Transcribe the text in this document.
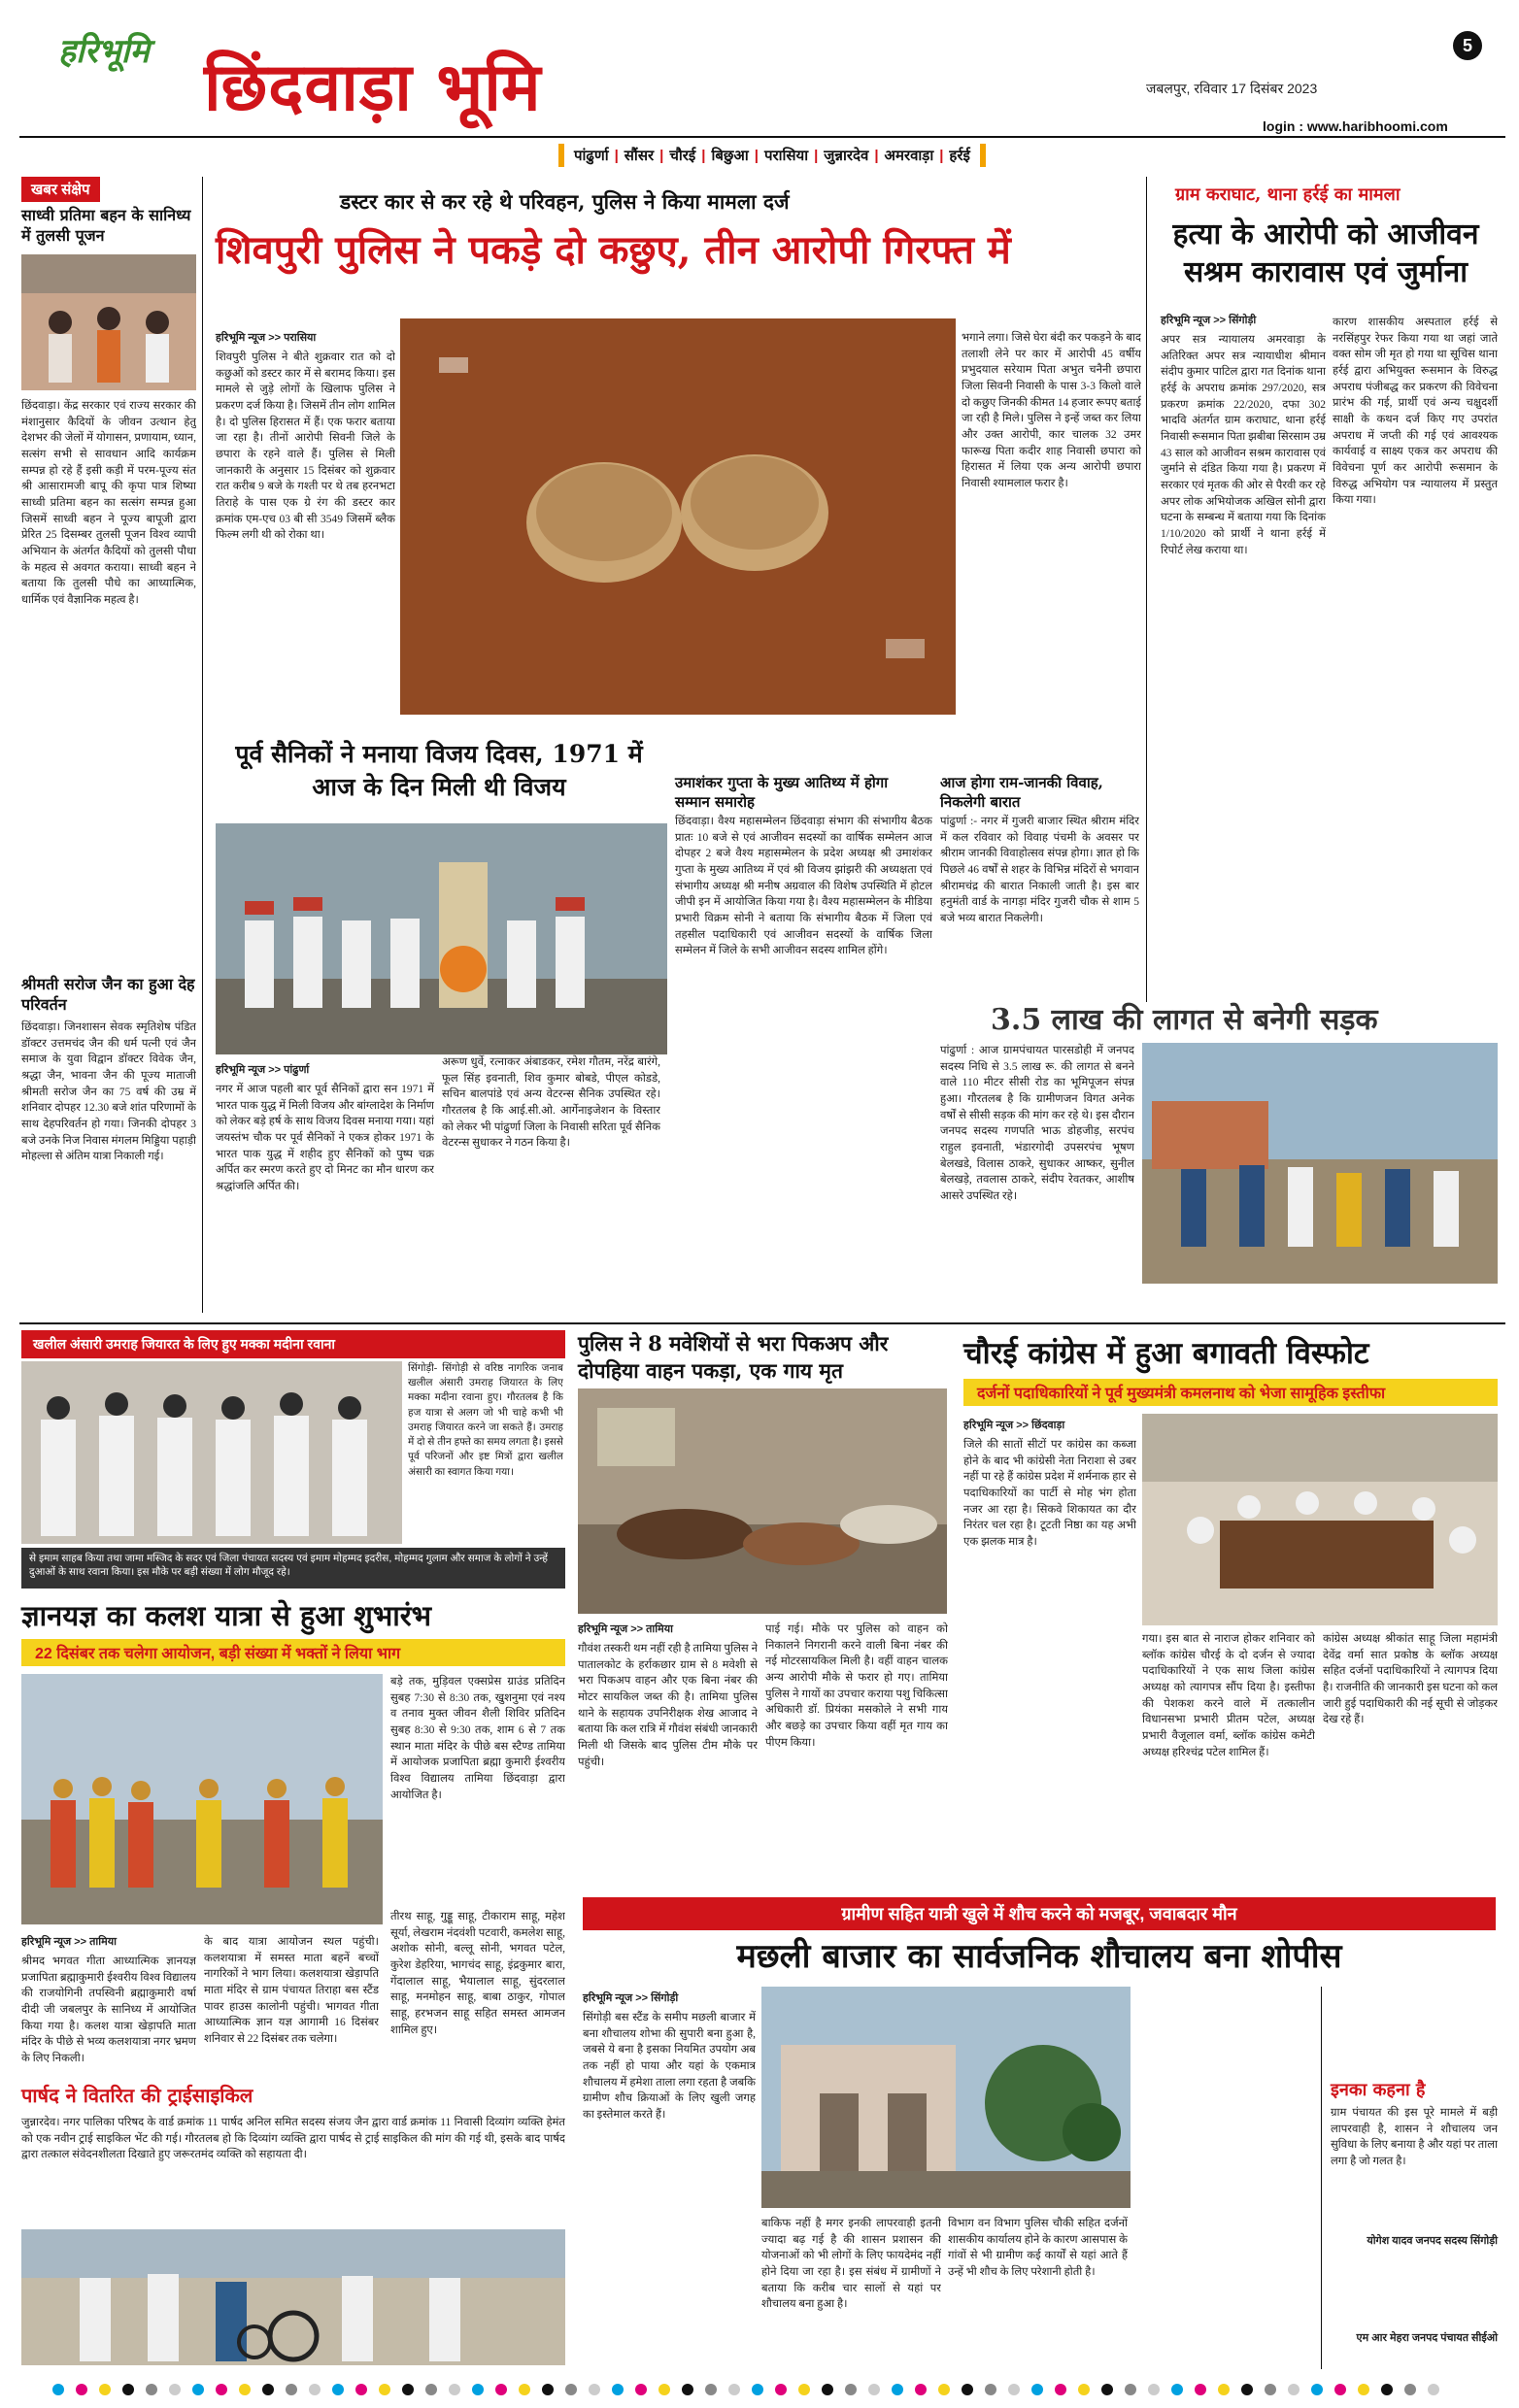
हरिभूमि छिंदवाड़ा भूमि
5
जबलपुर, रविवार 17 दिसंबर 2023
login : www.haribhoomi.com
पांढुर्णा | सौंसर | चौरई | बिछुआ | परासिया | जुन्नारदेव | अमरवाड़ा | हर्रई
खबर संक्षेप
साध्वी प्रतिमा बहन के सानिध्य में तुलसी पूजन
छिंदवाड़ा। केंद्र सरकार एवं राज्य सरकार की मंशानुसार कैदियों के जीवन उत्थान हेतु देशभर की जेलों में योगासन, प्रणायाम, ध्यान, सत्संग सभी से सावधान आदि कार्यक्रम सम्पन्न हो रहे हैं इसी कड़ी में परम-पूज्य संत श्री आसारामजी बापू की कृपा पात्र शिष्या साध्वी प्रतिमा बहन का सत्संग सम्पन्न हुआ जिसमें साध्वी बहन ने पूज्य बापूजी द्वारा प्रेरित 25 दिसम्बर तुलसी पूजन विश्व व्यापी अभियान के अंतर्गत कैदियों को तुलसी पौधा के महत्व से अवगत कराया। साध्वी बहन ने बताया कि तुलसी पौधे का आध्यात्मिक, धार्मिक एवं वैज्ञानिक महत्व है।
श्रीमती सरोज जैन का हुआ देह परिवर्तन
छिंदवाड़ा। जिनशासन सेवक स्मृतिशेष पंडित डॉक्टर उत्तमचंद जैन की धर्म पत्नी एवं जैन समाज के युवा विद्वान डॉक्टर विवेक जैन, श्रद्धा जैन, भावना जैन की पूज्य माताजी श्रीमती सरोज जैन का 75 वर्ष की उम्र में शनिवार दोपहर 12.30 बजे शांत परिणामों के साथ देहपरिवर्तन हो गया। जिनकी दोपहर 3 बजे उनके निज निवास मंगलम मिड्डिया पहाड़ी मोहल्ला से अंतिम यात्रा निकाली गई।
डस्टर कार से कर रहे थे परिवहन, पुलिस ने किया मामला दर्ज
शिवपुरी पुलिस ने पकड़े दो कछुए, तीन आरोपी गिरफ्त में
हरिभूमि न्यूज >> परासिया
शिवपुरी पुलिस ने बीते शुक्रवार रात को दो कछुओं को डस्टर कार में से बरामद किया। इस मामले से जुड़े लोगों के खिलाफ पुलिस ने प्रकरण दर्ज किया है। जिसमें तीन लोग शामिल है। दो पुलिस हिरासत में हैं। एक फरार बताया जा रहा है। तीनों आरोपी सिवनी जिले के छपारा के रहने वाले हैं। पुलिस से मिली जानकारी के अनुसार 15 दिसंबर को शुक्रवार रात करीब 9 बजे के गश्ती पर थे तब हरनभटा तिराहे के पास एक ग्रे रंग की डस्टर कार क्रमांक एम-एच 03 बी सी 3549 जिसमें ब्लैक फिल्म लगी थी को रोका था।
भगाने लगा। जिसे घेरा बंदी कर पकड़ने के बाद तलाशी लेने पर कार में आरोपी 45 वर्षीय प्रभुदयाल सरेयाम पिता अभुत चनैनी छपारा जिला सिवनी निवासी के पास 3-3 किलो वाले दो कछुए जिनकी कीमत 14 हजार रूपए बताई जा रही है मिले। पुलिस ने इन्हें जब्त कर लिया और उक्त आरोपी, कार चालक 32 उमर फारूख पिता कदीर शाह निवासी छपारा को हिरासत में लिया एक अन्य आरोपी छपारा निवासी श्यामलाल फरार है।
ग्राम कराघाट, थाना हर्रई का मामला
हत्या के आरोपी को आजीवन सश्रम कारावास एवं जुर्माना
हरिभूमि न्यूज >> सिंगोड़ी
अपर सत्र न्यायालय अमरवाड़ा के अतिरिक्त अपर सत्र न्यायाधीश श्रीमान संदीप कुमार पाटिल द्वारा गत दिनांक थाना हर्रई के अपराध क्रमांक 297/2020, सत्र प्रकरण क्रमांक 22/2020, दफा 302 भादवि अंतर्गत ग्राम कराघाट, थाना हर्रई निवासी रूसमान पिता झबीबा सिरसाम उम्र 43 साल को आजीवन सश्रम कारावास एवं जुर्माने से दंडित किया गया है। प्रकरण में सरकार एवं मृतक की ओर से पैरवी कर रहे अपर लोक अभियोजक अखिल सोनी द्वारा घटना के सम्बन्ध में बताया गया कि दिनांक 1/10/2020 को प्रार्थी ने थाना हर्रई में रिपोर्ट लेख कराया था।
कारण शासकीय अस्पताल हर्रई से नरसिंहपुर रेफर किया गया था जहां जाते वक्त सोम जी मृत हो गया था सूचिस थाना हर्रई द्वारा अभियुक्त रूसमान के विरुद्ध अपराध पंजीबद्ध कर प्रकरण की विवेचना प्रारंभ की गई, प्रार्थी एवं अन्य चक्षुदर्शी साक्षी के कथन दर्ज किए गए उपरांत अपराध में जप्ती की गई एवं आवश्यक कार्यवाई व साक्ष्य एकत्र कर अपराध की विवेचना पूर्ण कर आरोपी रूसमान के विरुद्ध अभियोग पत्र न्यायालय में प्रस्तुत किया गया।
पूर्व सैनिकों ने मनाया विजय दिवस, 1971 में आज के दिन मिली थी विजय
हरिभूमि न्यूज >> पांढुर्णा
नगर में आज पहली बार पूर्व सैनिकों द्वारा सन 1971 में भारत पाक युद्ध में मिली विजय और बांग्लादेश के निर्माण को लेकर बड़े हर्ष के साथ विजय दिवस मनाया गया। यहां जयस्तंभ चौक पर पूर्व सैनिकों ने एकत्र होकर 1971 के भारत पाक युद्ध में शहीद हुए सैनिकों को पुष्प चक्र अर्पित कर स्मरण करते हुए दो मिनट का मौन धारण कर श्रद्धांजलि अर्पित की।
अरूण धुर्वे, रत्नाकर अंबाडकर, रमेश गौतम, नरेंद्र बारंगे, फूल सिंह इवनाती, शिव कुमार बोबडे, पीएल कोडडे, सचिन बालपांडे एवं अन्य वेटरन्स सैनिक उपस्थित रहे। गौरतलब है कि आई.सी.ओ. आर्गेनाइजेशन के विस्तार को लेकर भी पांढुर्णा जिला के निवासी सरिता पूर्व सैनिक वेटरन्स सुधाकर ने गठन किया है।
उमाशंकर गुप्ता के मुख्य आतिथ्य में होगा सम्मान समारोह
छिंदवाड़ा। वैश्य महासम्मेलन छिंदवाड़ा संभाग की संभागीय बैठक प्रातः 10 बजे से एवं आजीवन सदस्यों का वार्षिक सम्मेलन आज दोपहर 2 बजे वैश्य महासम्मेलन के प्रदेश अध्यक्ष श्री उमाशंकर गुप्ता के मुख्य आतिथ्य में एवं श्री विजय झांझरी की अध्यक्षता एवं संभागीय अध्यक्ष श्री मनीष अग्रवाल की विशेष उपस्थिति में होटल जीपी इन में आयोजित किया गया है। वैश्य महासम्मेलन के मीडिया प्रभारी विक्रम सोनी ने बताया कि संभागीय बैठक में जिला एवं तहसील पदाधिकारी एवं आजीवन सदस्यों के वार्षिक जिला सम्मेलन में जिले के सभी आजीवन सदस्य शामिल होंगे।
आज होगा राम-जानकी विवाह, निकलेगी बारात
पांढुर्णा :- नगर में गुजरी बाजार स्थित श्रीराम मंदिर में कल रविवार को विवाह पंचमी के अवसर पर श्रीराम जानकी विवाहोत्सव संपन्न होगा। ज्ञात हो कि पिछले 46 वर्षों से शहर के विभिन्न मंदिरों से भगवान श्रीरामचंद्र की बारात निकाली जाती है। इस बार हनुमंती वार्ड के नागड़ा मंदिर गुजरी चौक से शाम 5 बजे भव्य बारात निकलेगी।
3.5 लाख की लागत से बनेगी सड़क
पांढुर्णा : आज ग्रामपंचायत पारसडोही में जनपद सदस्य निधि से 3.5 लाख रू. की लागत से बनने वाले 110 मीटर सीसी रोड का भूमिपूजन संपन्न हुआ। गौरतलब है कि ग्रामीणजन विगत अनेक वर्षों से सीसी सड़क की मांग कर रहे थे। इस दौरान जनपद सदस्य गणपति भाऊ डोहजीड़, सरपंच राहुल इवनाती, भंडारगोदी उपसरपंच भूषण बेलखडे, विलास ठाकरे, सुधाकर आष्कर, सुनील बेलखड़े, तवलास ठाकरे, संदीप रेवतकर, आशीष आसरे उपस्थित रहे।
खलील अंसारी उमराह जियारत के लिए हुए मक्का मदीना रवाना
सिंगोड़ी- सिंगोड़ी से वरिष्ठ नागरिक जनाब खलील अंसारी उमराह जियारत के लिए मक्का मदीना रवाना हुए। गौरतलब है कि हज यात्रा से अलग जो भी चाहे कभी भी उमराह जियारत करने जा सकते हैं। उमराह में दो से तीन हफ्ते का समय लगता है। इससे पूर्व परिजनों और इष्ट मित्रों द्वारा खलील अंसारी का स्वागत किया गया।
से इमाम साहब किया तथा जामा मस्जिद के सदर एवं जिला पंचायत सदस्य एवं इमाम मोहम्मद इदरीस, मोहम्मद गुलाम और समाज के लोगों ने उन्हें दुआओं के साथ रवाना किया। इस मौके पर बड़ी संख्या में लोग मौजूद रहे।
पुलिस ने 8 मवेशियों से भरा पिकअप और दोपहिया वाहन पकड़ा, एक गाय मृत
हरिभूमि न्यूज >> तामिया
गौवंश तस्करी थम नहीं रही है तामिया पुलिस ने पातालकोट के हर्राकछार ग्राम से 8 मवेशी से भरा पिकअप वाहन और एक बिना नंबर की मोटर सायकिल जब्त की है। तामिया पुलिस थाने के सहायक उपनिरीक्षक शेख आजाद ने बताया कि कल रात्रि में गौवंश संबंधी जानकारी मिली थी जिसके बाद पुलिस टीम मौके पर पहुंची।
पाई गई। मौके पर पुलिस को वाहन को निकालने निगरानी करने वाली बिना नंबर की नई मोटरसायकिल मिली है। वहीं वाहन चालक अन्य आरोपी मौके से फरार हो गए। तामिया पुलिस ने गायों का उपचार कराया पशु चिकित्सा अधिकारी डॉ. प्रियंका मसकोले ने सभी गाय और बछड़े का उपचार किया वहीं मृत गाय का पीएम किया।
चौरई कांग्रेस में हुआ बगावती विस्फोट
दर्जनों पदाधिकारियों ने पूर्व मुख्यमंत्री कमलनाथ को भेजा सामूहिक इस्तीफा
हरिभूमि न्यूज >> छिंदवाड़ा
जिले की सातों सीटों पर कांग्रेस का कब्जा होने के बाद भी कांग्रेसी नेता निराशा से उबर नहीं पा रहे हैं कांग्रेस प्रदेश में शर्मनाक हार से पदाधिकारियों का पार्टी से मोह भंग होता नजर आ रहा है। सिकवे शिकायत का दौर निरंतर चल रहा है। टूटती निष्ठा का यह अभी एक झलक मात्र है।
गया। इस बात से नाराज होकर शनिवार को ब्लॉक कांग्रेस चौरई के दो दर्जन से ज्यादा पदाधिकारियों ने एक साथ जिला कांग्रेस अध्यक्ष को त्यागपत्र सौंप दिया है। इस्तीफा की पेशकश करने वाले में तत्कालीन विधानसभा प्रभारी प्रीतम पटेल, अध्यक्ष प्रभारी वैजूलाल वर्मा, ब्लॉक कांग्रेस कमेटी अध्यक्ष हरिश्चंद्र पटेल शामिल हैं।
कांग्रेस अध्यक्ष श्रीकांत साहू जिला महामंत्री देवेंद्र वर्मा सात प्रकोष्ठ के ब्लॉक अध्यक्ष सहित दर्जनों पदाधिकारियों ने त्यागपत्र दिया है। राजनीति की जानकारी इस घटना को कल जारी हुई पदाधिकारी की नई सूची से जोड़कर देख रहे हैं।
ज्ञानयज्ञ का कलश यात्रा से हुआ शुभारंभ
22 दिसंबर तक चलेगा आयोजन, बड़ी संख्या में भक्तों ने लिया भाग
बड़े तक, मुड़िवल एक्सप्रेस ग्राउंड प्रतिदिन सुबह 7:30 से 8:30 तक, खुशनुमा एवं नश्य व तनाव मुक्त जीवन शैली शिविर प्रतिदिन सुबह 8:30 से 9:30 तक, शाम 6 से 7 तक स्थान माता मंदिर के पीछे बस स्टैण्ड तामिया में आयोजक प्रजापिता ब्रह्मा कुमारी ईश्वरीय विश्व विद्यालय तामिया छिंदवाड़ा द्वारा आयोजित है।
हरिभूमि न्यूज >> तामिया
श्रीमद भगवत गीता आध्यात्मिक ज्ञानयज्ञ प्रजापिता ब्रह्माकुमारी ईश्वरीय विश्व विद्यालय की राजयोगिनी तपस्विनी ब्रह्माकुमारी वर्षा दीदी जी जबलपुर के सानिध्य में आयोजित किया गया है। कलश यात्रा खेड़ापति माता मंदिर के पीछे से भव्य कलशयात्रा नगर भ्रमण के लिए निकली।
के बाद यात्रा आयोजन स्थल पहुंची। कलशयात्रा में समस्त माता बहनें बच्चों नागरिकों ने भाग लिया। कलशयात्रा खेड़ापति माता मंदिर से ग्राम पंचायत तिराहा बस स्टैंड पावर हाउस कालोनी पहुंची। भागवत गीता आध्यात्मिक ज्ञान यज्ञ आगामी 16 दिसंबर शनिवार से 22 दिसंबर तक चलेगा।
तीरथ साहू, गुड्डू साहू, टीकाराम साहू, महेश सूर्या, लेखराम नंदवंशी पटवारी, कमलेश साहू, अशोक सोनी, बल्लू सोनी, भगवत पटेल, कुरेश डेहरिया, भागचंद साहू, इंद्रकुमार बारा, गेंदालाल साहू, भैयालाल साहू, सुंदरलाल साहू, मनमोहन साहू, बाबा ठाकुर, गोपाल साहू, हरभजन साहू सहित समस्त आमजन शामिल हुए।
पार्षद ने वितरित की ट्राईसाइकिल
जुन्नारदेव। नगर पालिका परिषद के वार्ड क्रमांक 11 पार्षद अनिल समित सदस्य संजय जैन द्वारा वार्ड क्रमांक 11 निवासी दिव्यांग व्यक्ति हेमंत को एक नवीन ट्राई साइकिल भेंट की गई। गौरतलब हो कि दिव्यांग व्यक्ति द्वारा पार्षद से ट्राई साइकिल की मांग की गई थी, इसके बाद पार्षद द्वारा तत्काल संवेदनशीलता दिखाते हुए जरूरतमंद व्यक्ति को सहायता दी।
ग्रामीण सहित यात्री खुले में शौच करने को मजबूर, जवाबदार मौन
मछली बाजार का सार्वजनिक शौचालय बना शोपीस
हरिभूमि न्यूज >> सिंगोड़ी
सिंगोड़ी बस स्टैंड के समीप मछली बाजार में बना शौचालय शोभा की सुपारी बना हुआ है, जबसे ये बना है इसका नियमित उपयोग अब तक नहीं हो पाया और यहां के एकमात्र शौचालय में हमेशा ताला लगा रहता है जबकि ग्रामीण शौच क्रियाओं के लिए खुली जगह का इस्तेमाल करते हैं।
बाकिफ नहीं है मगर इनकी लापरवाही इतनी ज्यादा बढ़ गई है की शासन प्रशासन की योजनाओं को भी लोगों के लिए फायदेमंद नहीं होने दिया जा रहा है। इस संबंध में ग्रामीणों ने बताया कि करीब चार सालों से यहां पर शौचालय बना हुआ है।
विभाग वन विभाग पुलिस चौकी सहित दर्जनों शासकीय कार्यालय होने के कारण आसपास के गांवों से भी ग्रामीण कई कार्यों से यहां आते हैं उन्हें भी शौच के लिए परेशानी होती है।
इनका कहना है
ग्राम पंचायत की इस पूरे मामले में बड़ी लापरवाही है, शासन ने शौचालय जन सुविधा के लिए बनाया है और यहां पर ताला लगा है जो गलत है।
योगेश यादव जनपद सदस्य सिंगोड़ी
एम आर मेहरा जनपद पंचायत सीईओ
